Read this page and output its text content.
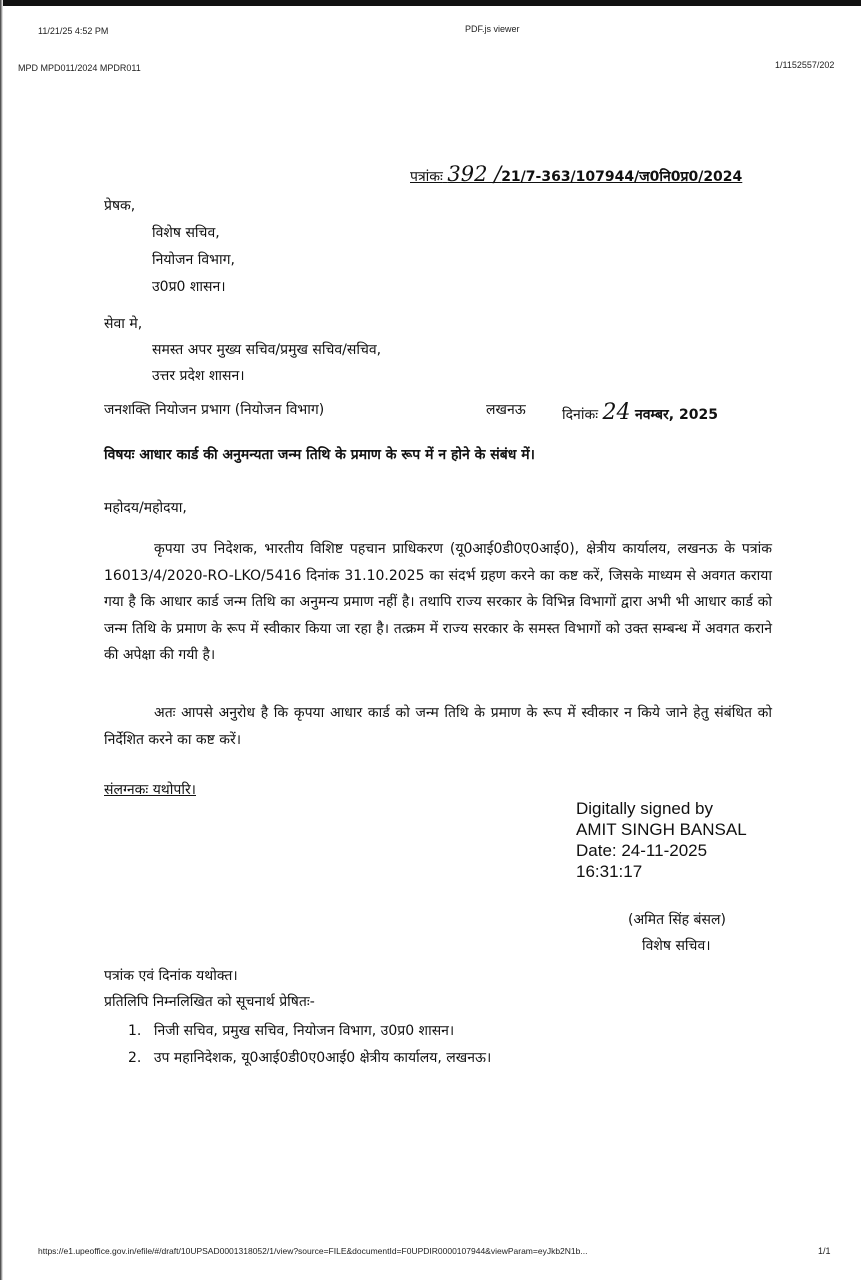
11/21/25 4:52 PM	PDF.js viewer
MPD MPD011/2024 MPDR011	1/1152557/202
पत्रांकः 392 /21/7-363/107944/ज0नि0प्र0/2024
प्रेषक,
विशेष सचिव,
नियोजन विभाग,
उ0प्र0 शासन।
सेवा मे,
समस्त अपर मुख्य सचिव/प्रमुख सचिव/सचिव,
उत्तर प्रदेश शासन।
जनशक्ति नियोजन प्रभाग (नियोजन विभाग)	लखनऊ	दिनांकः 24 नवम्बर, 2025
विषयः आधार कार्ड की अनुमन्यता जन्म तिथि के प्रमाण के रूप में न होने के संबंध में।
महोदय/महोदया,
कृपया उप निदेशक, भारतीय विशिष्ट पहचान प्राधिकरण (यू0आई0डी0ए0आई0), क्षेत्रीय कार्यालय, लखनऊ के पत्रांक 16013/4/2020-RO-LKO/5416 दिनांक 31.10.2025 का संदर्भ ग्रहण करने का कष्ट करें, जिसके माध्यम से अवगत कराया गया है कि आधार कार्ड जन्म तिथि का अनुमन्य प्रमाण नहीं है। तथापि राज्य सरकार के विभिन्न विभागों द्वारा अभी भी आधार कार्ड को जन्म तिथि के प्रमाण के रूप में स्वीकार किया जा रहा है। तत्क्रम में राज्य सरकार के समस्त विभागों को उक्त सम्बन्ध में अवगत कराने की अपेक्षा की गयी है।
अतः आपसे अनुरोध है कि कृपया आधार कार्ड को जन्म तिथि के प्रमाण के रूप में स्वीकार न किये जाने हेतु संबंधित को निर्देशित करने का कष्ट करें।
संलग्नकः यथोपरि।
Digitally signed by
AMIT SINGH BANSAL
Date: 24-11-2025
16:31:17
(अमित सिंह बंसल)
विशेष सचिव।
पत्रांक एवं दिनांक यथोक्त।
प्रतिलिपि निम्नलिखित को सूचनार्थ प्रेषितः-
1. निजी सचिव, प्रमुख सचिव, नियोजन विभाग, उ0प्र0 शासन।
2. उप महानिदेशक, यू0आई0डी0ए0आई0 क्षेत्रीय कार्यालय, लखनऊ।
https://e1.upeoffice.gov.in/efile/#/draft/10UPSAD0001318052/1/view?source=FILE&documentId=F0UPDIR0000107944&viewParam=eyJkb2N1b...	1/1
